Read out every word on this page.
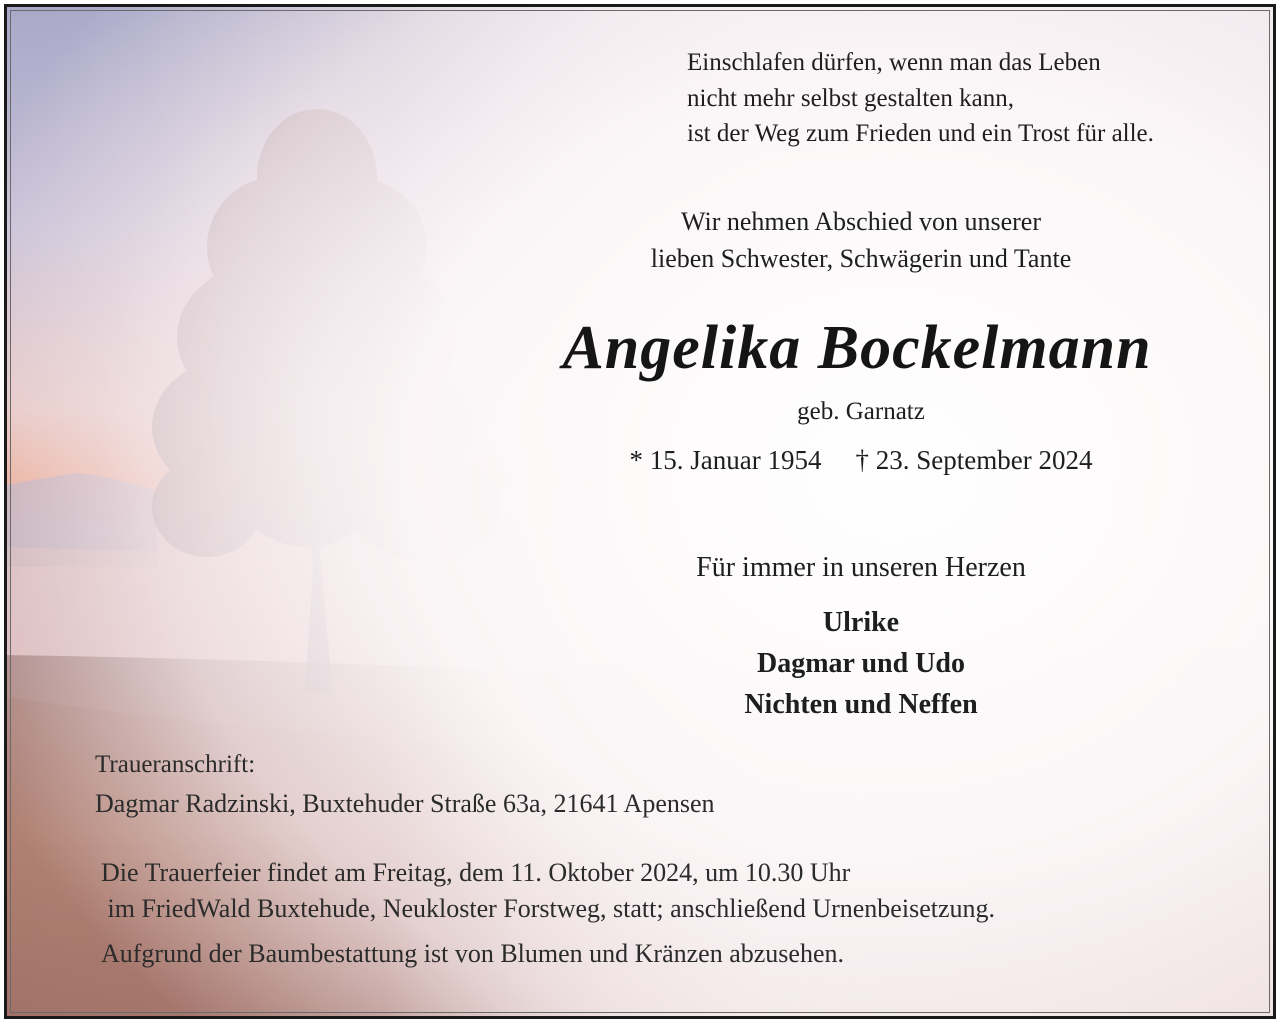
Einschlafen dürfen, wenn man das Leben
nicht mehr selbst gestalten kann,
ist der Weg zum Frieden und ein Trost für alle.
Wir nehmen Abschied von unserer
lieben Schwester, Schwägerin und Tante
Angelika Bockelmann
geb. Garnatz
* 15. Januar 1954 † 23. September 2024
Für immer in unseren Herzen
Ulrike
Dagmar und Udo
Nichten und Neffen
Traueranschrift:
Dagmar Radzinski, Buxtehuder Straße 63a, 21641 Apensen
Die Trauerfeier findet am Freitag, dem 11. Oktober 2024, um 10.30 Uhr
im FriedWald Buxtehude, Neukloster Forstweg, statt; anschließend Urnenbeisetzung.
Aufgrund der Baumbestattung ist von Blumen und Kränzen abzusehen.
